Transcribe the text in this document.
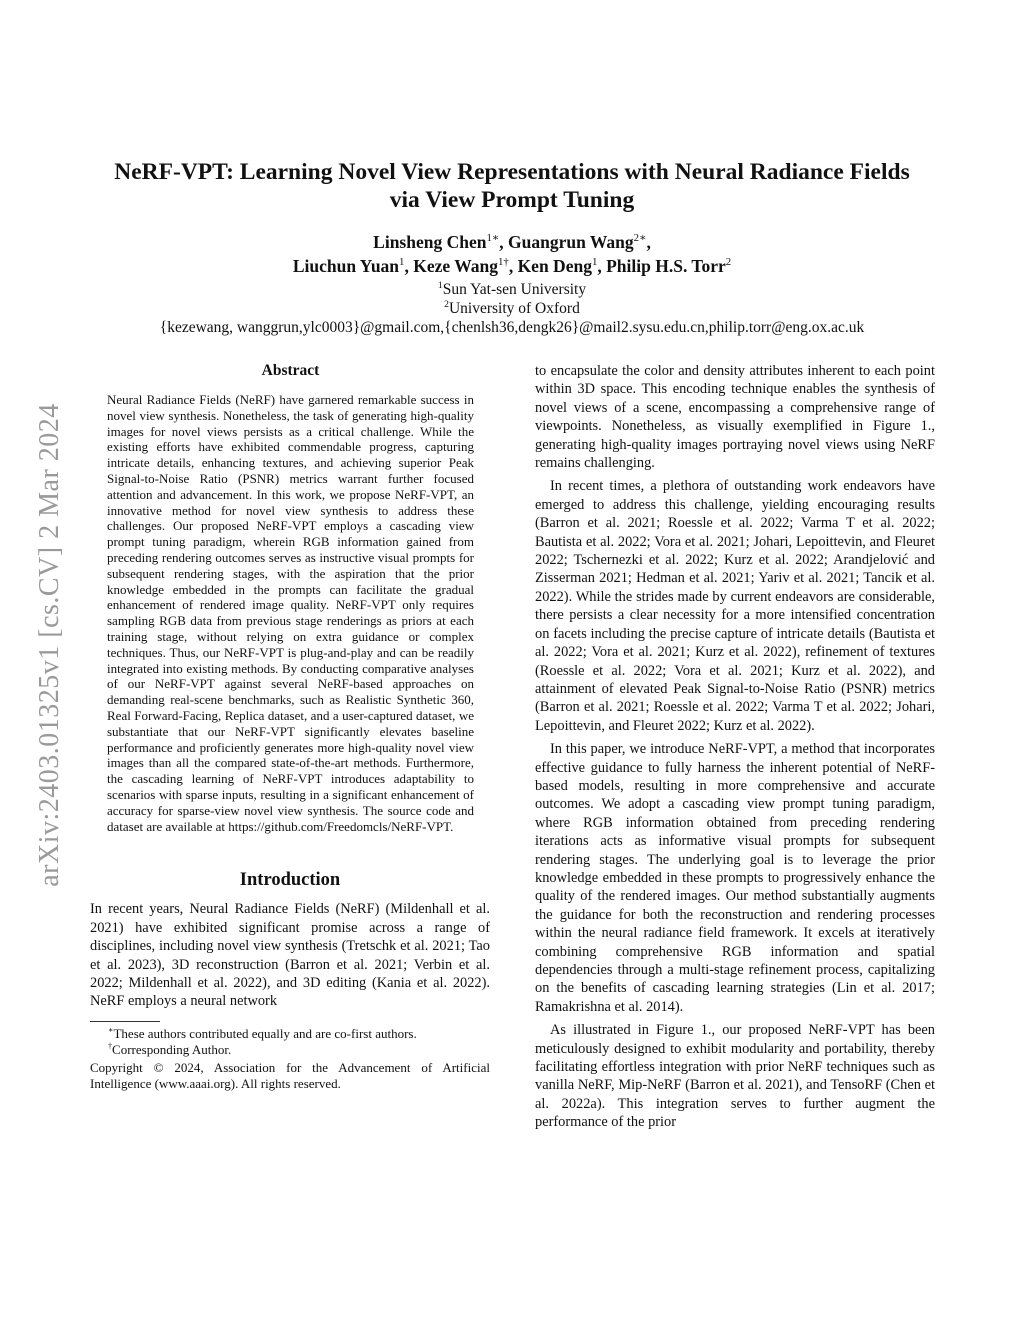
arXiv:2403.01325v1 [cs.CV] 2 Mar 2024
NeRF-VPT: Learning Novel View Representations with Neural Radiance Fields
via View Prompt Tuning
Linsheng Chen$^{1∗}$, Guangrun Wang$^{2∗}$,
Liuchun Yuan$^1$, Keze Wang$^{1\dagger}$, Ken Deng$^1$, Philip H.S. Torr$^2$
$^1$Sun Yat-sen University
$^2$University of Oxford
{kezewang, wanggrun,ylc0003}@gmail.com,{chenlsh36,dengk26}@mail2.sysu.edu.cn,philip.torr@eng.ox.ac.uk
Abstract

Neural Radiance Fields (NeRF) have garnered remarkable success in novel view synthesis. Nonetheless, the task of generating high-quality images for novel views persists as a critical challenge. While the existing efforts have exhibited commendable progress, capturing intricate details, enhancing textures, and achieving superior Peak Signal-to-Noise Ratio (PSNR) metrics warrant further focused attention and advancement. In this work, we propose NeRF-VPT, an innovative method for novel view synthesis to address these challenges. Our proposed NeRF-VPT employs a cascading view prompt tuning paradigm, wherein RGB information gained from preceding rendering outcomes serves as instructive visual prompts for subsequent rendering stages, with the aspiration that the prior knowledge embedded in the prompts can facilitate the gradual enhancement of rendered image quality. NeRF-VPT only requires sampling RGB data from previous stage renderings as priors at each training stage, without relying on extra guidance or complex techniques. Thus, our NeRF-VPT is plug-and-play and can be readily integrated into existing methods. By conducting comparative analyses of our NeRF-VPT against several NeRF-based approaches on demanding real-scene benchmarks, such as Realistic Synthetic 360, Real Forward-Facing, Replica dataset, and a user-captured dataset, we substantiate that our NeRF-VPT significantly elevates baseline performance and proficiently generates more high-quality novel view images than all the compared state-of-the-art methods. Furthermore, the cascading learning of NeRF-VPT introduces adaptability to scenarios with sparse inputs, resulting in a significant enhancement of accuracy for sparse-view novel view synthesis. The source code and dataset are available at https://github.com/Freedomcls/NeRF-VPT.

Introduction

In recent years, Neural Radiance Fields (NeRF) (Mildenhall et al. 2021) have exhibited significant promise across a range of disciplines, including novel view synthesis (Tretschk et al. 2021; Tao et al. 2023), 3D reconstruction (Barron et al. 2021; Verbin et al. 2022; Mildenhall et al. 2022), and 3D editing (Kania et al. 2022). NeRF employs a neural network

∗These authors contributed equally and are co-first authors.

†Corresponding Author.

Copyright © 2024, Association for the Advancement of Artificial Intelligence (www.aaai.org). All rights reserved.

to encapsulate the color and density attributes inherent to each point within 3D space. This encoding technique enables the synthesis of novel views of a scene, encompassing a comprehensive range of viewpoints. Nonetheless, as visually exemplified in Figure 1., generating high-quality images portraying novel views using NeRF remains challenging.

In recent times, a plethora of outstanding work endeavors have emerged to address this challenge, yielding encouraging results (Barron et al. 2021; Roessle et al. 2022; Varma T et al. 2022; Bautista et al. 2022; Vora et al. 2021; Johari, Lepoittevin, and Fleuret 2022; Tschernezki et al. 2022; Kurz et al. 2022; Arandjelović and Zisserman 2021; Hedman et al. 2021; Yariv et al. 2021; Tancik et al. 2022). While the strides made by current endeavors are considerable, there persists a clear necessity for a more intensified concentration on facets including the precise capture of intricate details (Bautista et al. 2022; Vora et al. 2021; Kurz et al. 2022), refinement of textures (Roessle et al. 2022; Vora et al. 2021; Kurz et al. 2022), and attainment of elevated Peak Signal-to-Noise Ratio (PSNR) metrics (Barron et al. 2021; Roessle et al. 2022; Varma T et al. 2022; Johari, Lepoittevin, and Fleuret 2022; Kurz et al. 2022).

In this paper, we introduce NeRF-VPT, a method that incorporates effective guidance to fully harness the inherent potential of NeRF-based models, resulting in more comprehensive and accurate outcomes. We adopt a cascading view prompt tuning paradigm, where RGB information obtained from preceding rendering iterations acts as informative visual prompts for subsequent rendering stages. The underlying goal is to leverage the prior knowledge embedded in these prompts to progressively enhance the quality of the rendered images. Our method substantially augments the guidance for both the reconstruction and rendering processes within the neural radiance field framework. It excels at iteratively combining comprehensive RGB information and spatial dependencies through a multi-stage refinement process, capitalizing on the benefits of cascading learning strategies (Lin et al. 2017; Ramakrishna et al. 2014).

As illustrated in Figure 1., our proposed NeRF-VPT has been meticulously designed to exhibit modularity and portability, thereby facilitating effortless integration with prior NeRF techniques such as vanilla NeRF, Mip-NeRF (Barron et al. 2021), and TensoRF (Chen et al. 2022a). This integration serves to further augment the performance of the prior
